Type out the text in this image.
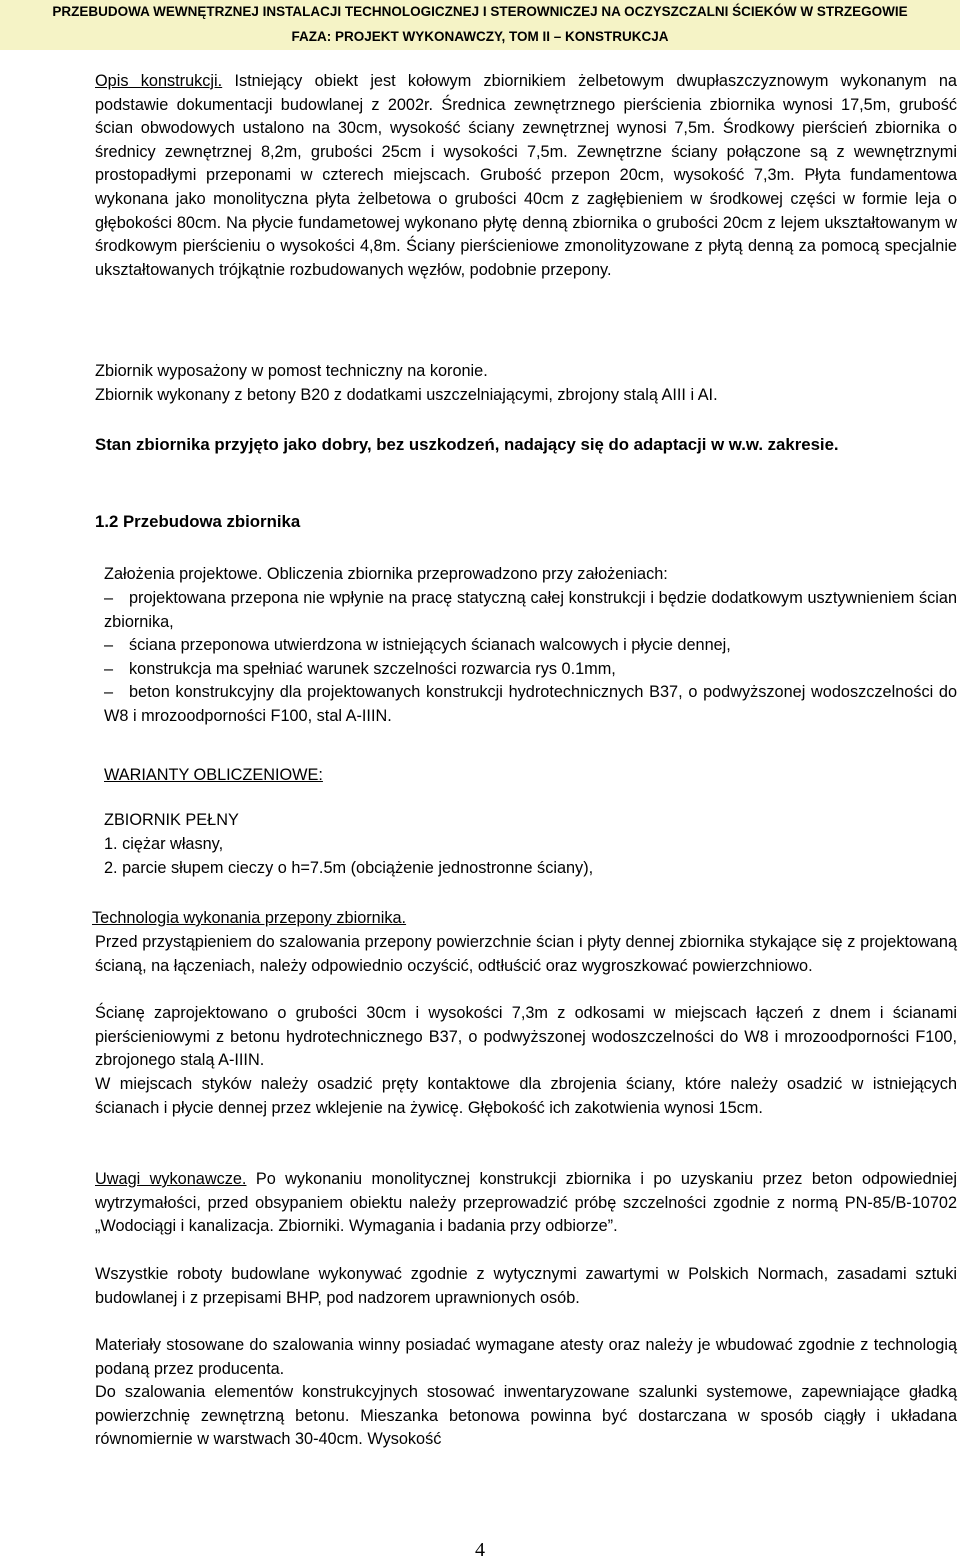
PRZEBUDOWA WEWNĘTRZNEJ INSTALACJI TECHNOLOGICZNEJ I STEROWNICZEJ NA OCZYSZCZALNI ŚCIEKÓW W STRZEGOWIE
FAZA: PROJEKT WYKONAWCZY, TOM II – KONSTRUKCJA
Opis konstrukcji. Istniejący obiekt jest kołowym zbiornikiem żelbetowym dwupłaszczyznowym wykonanym na podstawie dokumentacji budowlanej z 2002r. Średnica zewnętrznego pierścienia zbiornika wynosi 17,5m, grubość ścian obwodowych ustalono na 30cm, wysokość ściany zewnętrznej wynosi 7,5m. Środkowy pierścień zbiornika o średnicy zewnętrznej 8,2m, grubości 25cm i wysokości 7,5m. Zewnętrzne ściany połączone są z wewnętrznymi prostopadłymi przeponami w czterech miejscach. Grubość przepon 20cm, wysokość 7,3m. Płyta fundamentowa wykonana jako monolityczna płyta żelbetowa o grubości 40cm z zagłębieniem w środkowej części w formie leja o głębokości 80cm. Na płycie fundametowej wykonano płytę denną zbiornika o grubości 20cm z lejem ukształtowanym w środkowym pierścieniu o wysokości 4,8m. Ściany pierścieniowe zmonolityzowane z płytą denną za pomocą specjalnie ukształtowanych trójkątnie rozbudowanych węzłów, podobnie przepony.
Zbiornik wyposażony w pomost techniczny na koronie.
Zbiornik wykonany z betony B20 z dodatkami uszczelniającymi, zbrojony stalą AIII i AI.
Stan zbiornika przyjęto jako dobry, bez uszkodzeń, nadający się do adaptacji w w.w. zakresie.
1.2 Przebudowa zbiornika
Założenia projektowe. Obliczenia zbiornika przeprowadzono przy założeniach:

– projektowana przepona nie wpłynie na pracę statyczną całej konstrukcji i będzie dodatkowym usztywnieniem ścian zbiornika,

– ściana przeponowa utwierdzona w istniejących ścianach walcowych i płycie dennej,

– konstrukcja ma spełniać warunek szczelności rozwarcia rys 0.1mm,

– beton konstrukcyjny dla projektowanych konstrukcji hydrotechnicznych B37, o podwyższonej wodoszczelności do W8 i mrozoodporności F100, stal A-IIIN.

WARIANTY OBLICZENIOWE:
ZBIORNIK PEŁNY
1. ciężar własny,
2. parcie słupem cieczy o h=7.5m (obciążenie jednostronne ściany),
Technologia wykonania przepony zbiornika.
Przed przystąpieniem do szalowania przepony powierzchnie ścian i płyty dennej zbiornika stykające się z projektowaną ścianą, na łączeniach, należy odpowiednio oczyścić, odtłuścić oraz wygroszkować powierzchniowo.
Ścianę zaprojektowano o grubości 30cm i wysokości 7,3m z odkosami w miejscach łączeń z dnem i ścianami pierścieniowymi z betonu hydrotechnicznego B37, o podwyższonej wodoszczelności do W8 i mrozoodporności F100, zbrojonego stalą A-IIIN.
W miejscach styków należy osadzić pręty kontaktowe dla zbrojenia ściany, które należy osadzić w istniejących ścianach i płycie dennej przez wklejenie na żywicę. Głębokość ich zakotwienia wynosi 15cm.
Uwagi wykonawcze. Po wykonaniu monolitycznej konstrukcji zbiornika i po uzyskaniu przez beton odpowiedniej wytrzymałości, przed obsypaniem obiektu należy przeprowadzić próbę szczelności zgodnie z normą PN-85/B-10702 „Wodociągi i kanalizacja. Zbiorniki. Wymagania i badania przy odbiorze”.
Wszystkie roboty budowlane wykonywać zgodnie z wytycznymi zawartymi w Polskich Normach, zasadami sztuki budowlanej i z przepisami BHP, pod nadzorem uprawnionych osób.
Materiały stosowane do szalowania winny posiadać wymagane atesty oraz należy je wbudować zgodnie z technologią podaną przez producenta.
Do szalowania elementów konstrukcyjnych stosować inwentaryzowane szalunki systemowe, zapewniające gładką powierzchnię zewnętrzną betonu. Mieszanka betonowa powinna być dostarczana w sposób ciągły i układana równomiernie w warstwach 30-40cm. Wysokość
4
